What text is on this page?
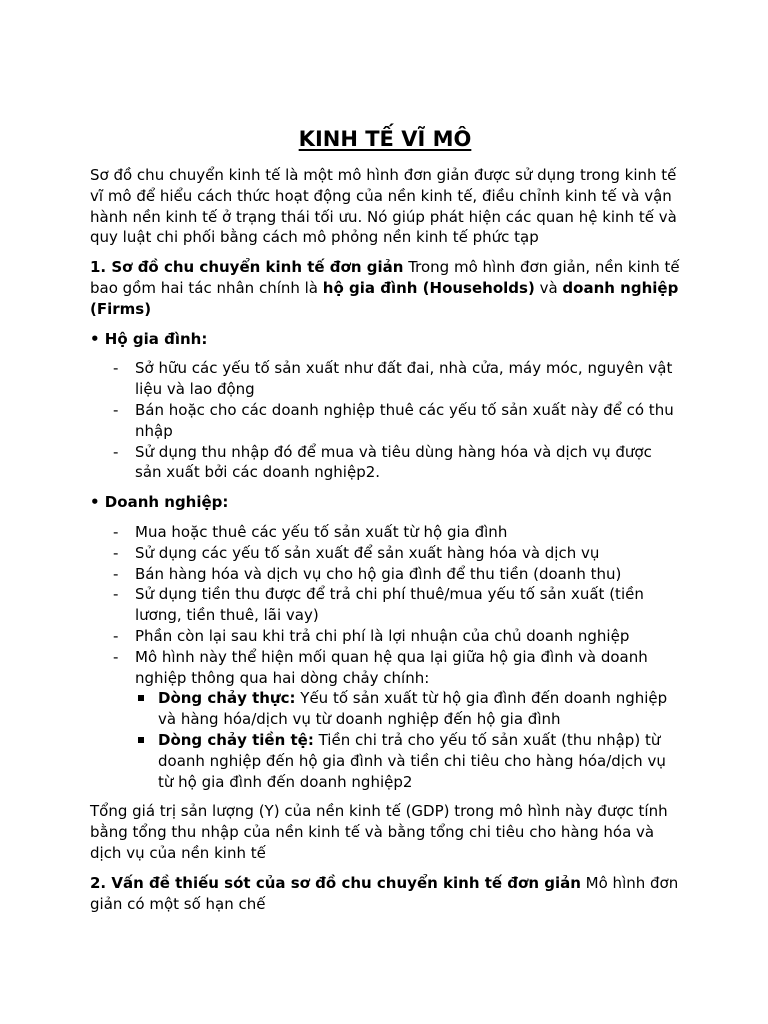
KINH TẾ VĨ MÔ

Sơ đồ chu chuyển kinh tế là một mô hình đơn giản được sử dụng trong kinh tế vĩ mô để hiểu cách thức hoạt động của nền kinh tế, điều chỉnh kinh tế và vận hành nền kinh tế ở trạng thái tối ưu. Nó giúp phát hiện các quan hệ kinh tế và quy luật chi phối bằng cách mô phỏng nền kinh tế phức tạp

1. Sơ đồ chu chuyển kinh tế đơn giản Trong mô hình đơn giản, nền kinh tế bao gồm hai tác nhân chính là hộ gia đình (Households) và doanh nghiệp (Firms)

• Hộ gia đình:

- Sở hữu các yếu tố sản xuất như đất đai, nhà cửa, máy móc, nguyên vật liệu và lao động
- Bán hoặc cho các doanh nghiệp thuê các yếu tố sản xuất này để có thu nhập
- Sử dụng thu nhập đó để mua và tiêu dùng hàng hóa và dịch vụ được sản xuất bởi các doanh nghiệp2.

• Doanh nghiệp:

- Mua hoặc thuê các yếu tố sản xuất từ hộ gia đình
- Sử dụng các yếu tố sản xuất để sản xuất hàng hóa và dịch vụ
- Bán hàng hóa và dịch vụ cho hộ gia đình để thu tiền (doanh thu)
- Sử dụng tiền thu được để trả chi phí thuê/mua yếu tố sản xuất (tiền lương, tiền thuê, lãi vay)
- Phần còn lại sau khi trả chi phí là lợi nhuận của chủ doanh nghiệp
- Mô hình này thể hiện mối quan hệ qua lại giữa hộ gia đình và doanh nghiệp thông qua hai dòng chảy chính:
Dòng chảy thực: Yếu tố sản xuất từ hộ gia đình đến doanh nghiệp và hàng hóa/dịch vụ từ doanh nghiệp đến hộ gia đình
Dòng chảy tiền tệ: Tiền chi trả cho yếu tố sản xuất (thu nhập) từ doanh nghiệp đến hộ gia đình và tiền chi tiêu cho hàng hóa/dịch vụ từ hộ gia đình đến doanh nghiệp2

Tổng giá trị sản lượng (Y) của nền kinh tế (GDP) trong mô hình này được tính bằng tổng thu nhập của nền kinh tế và bằng tổng chi tiêu cho hàng hóa và dịch vụ của nền kinh tế

2. Vấn đề thiếu sót của sơ đồ chu chuyển kinh tế đơn giản Mô hình đơn giản có một số hạn chế
